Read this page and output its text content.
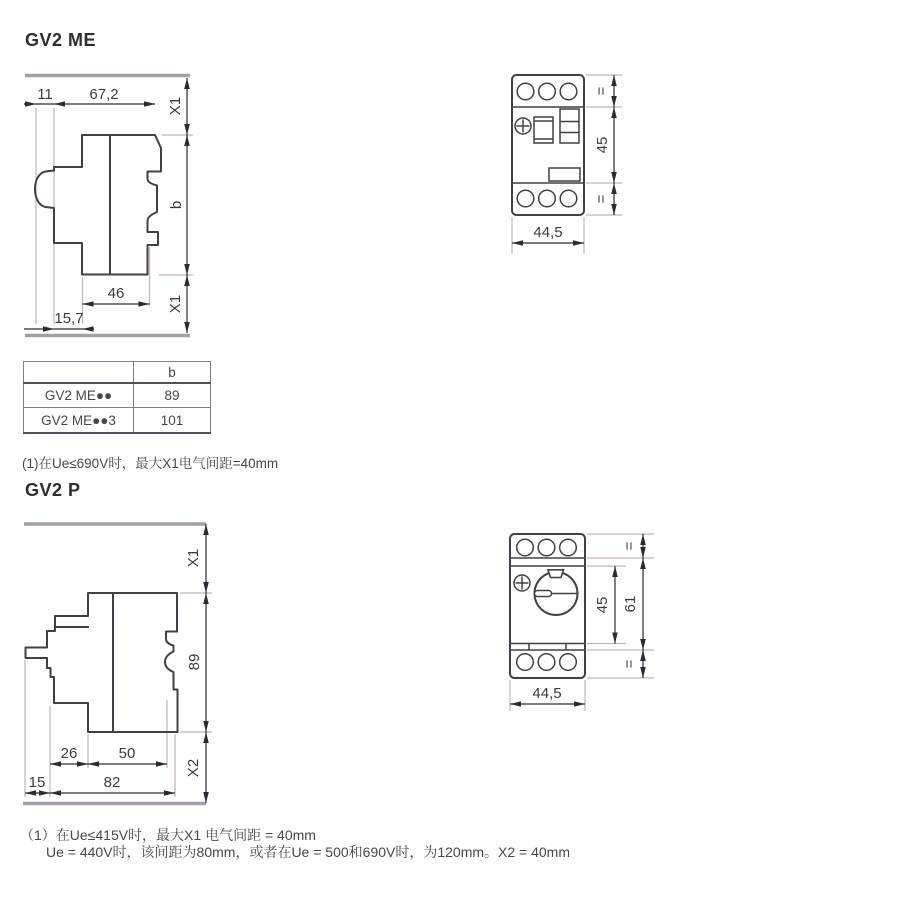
GV2 ME
11 67,2
X1
b
X1
46
15,7
=
45
=
44,5
	b
GV2 ME●●	89
GV2 ME●●3	101
(1)在Ue≤690V时，最大X1电气间距=40mm
GV2 P
26	50
15	82
X1
89
X2
45
=
61
=
44,5
（1）在Ue≤415V时，最大X1 电气间距 = 40mm
Ue = 440V时，该间距为80mm，或者在Ue = 500和690V时，为120mm。X2 = 40mm
